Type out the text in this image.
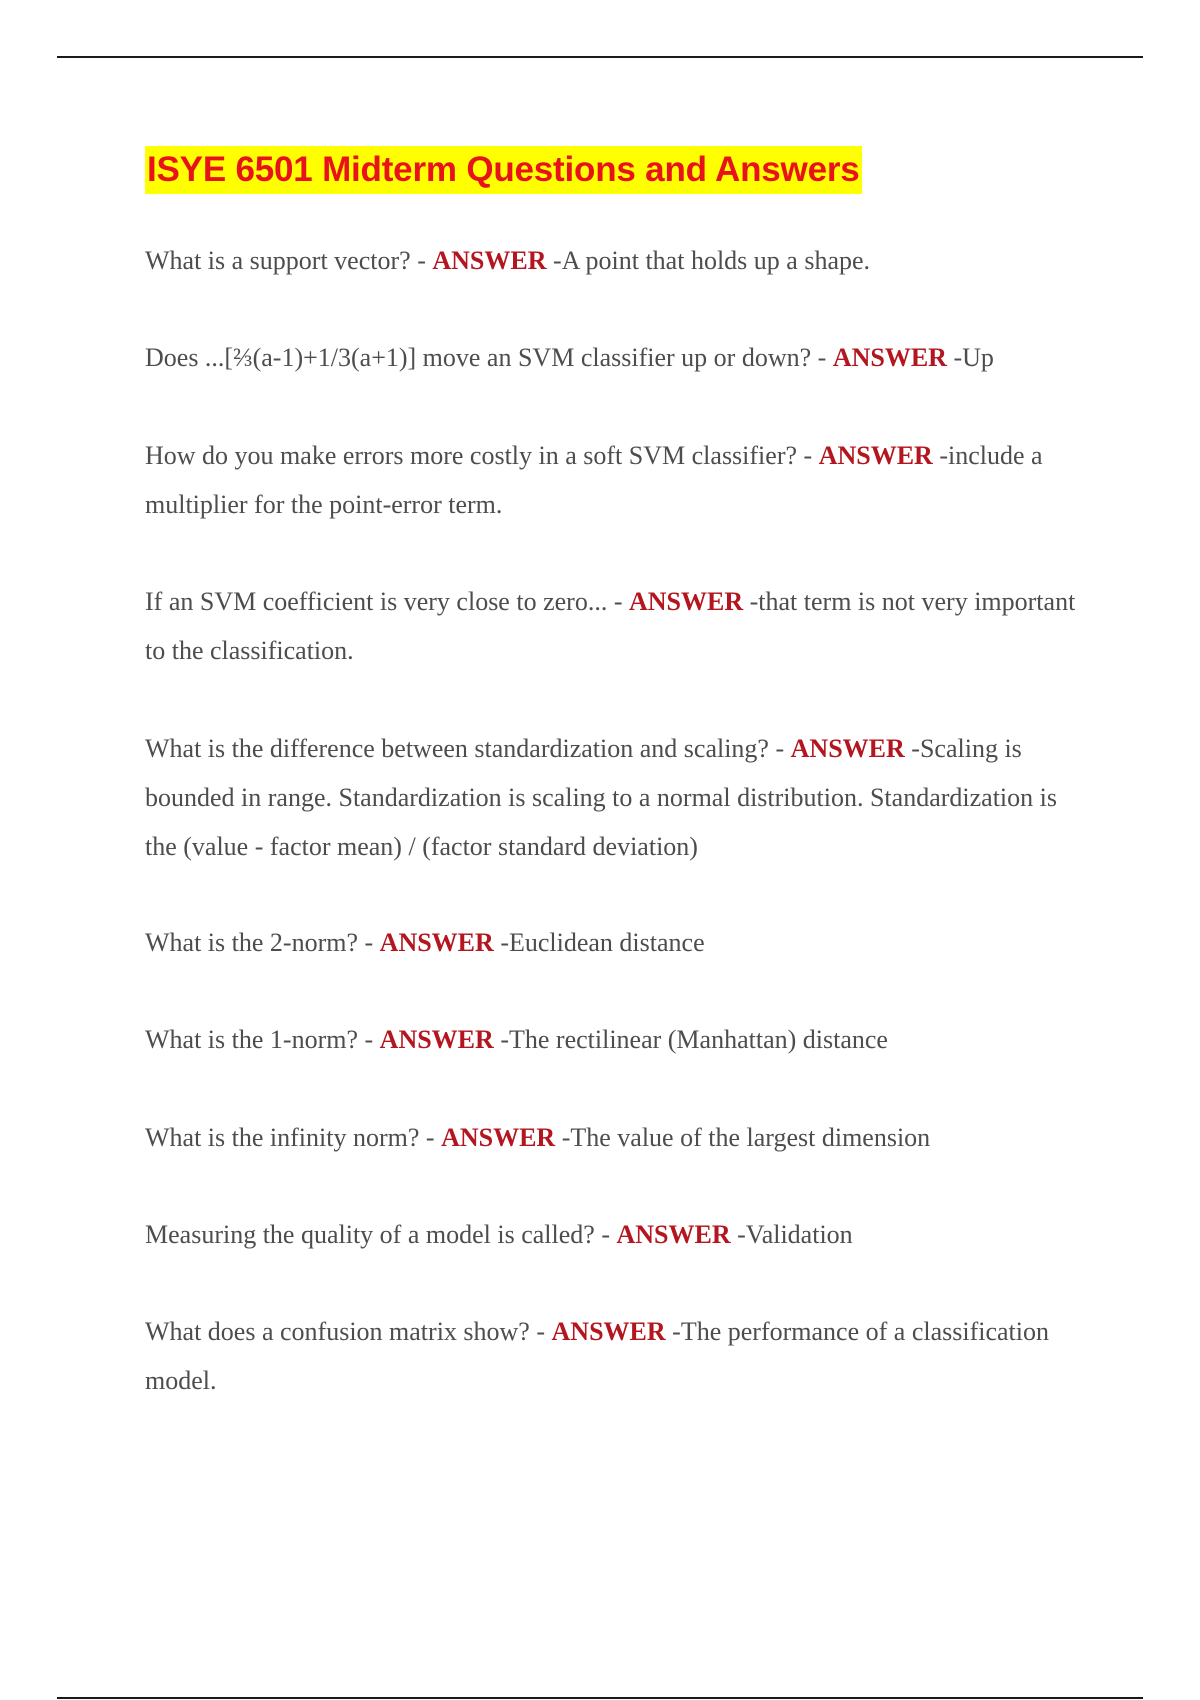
ISYE 6501 Midterm Questions and Answers
What is a support vector? - ANSWER -A point that holds up a shape.
Does ...[⅔(a-1)+1/3(a+1)] move an SVM classifier up or down? - ANSWER -Up
How do you make errors more costly in a soft SVM classifier? - ANSWER -include a multiplier for the point-error term.
If an SVM coefficient is very close to zero... - ANSWER -that term is not very important to the classification.
What is the difference between standardization and scaling? - ANSWER -Scaling is bounded in range. Standardization is scaling to a normal distribution. Standardization is the (value - factor mean) / (factor standard deviation)
What is the 2-norm? - ANSWER -Euclidean distance
What is the 1-norm? - ANSWER -The rectilinear (Manhattan) distance
What is the infinity norm? - ANSWER -The value of the largest dimension
Measuring the quality of a model is called? - ANSWER -Validation
What does a confusion matrix show? - ANSWER -The performance of a classification model.
